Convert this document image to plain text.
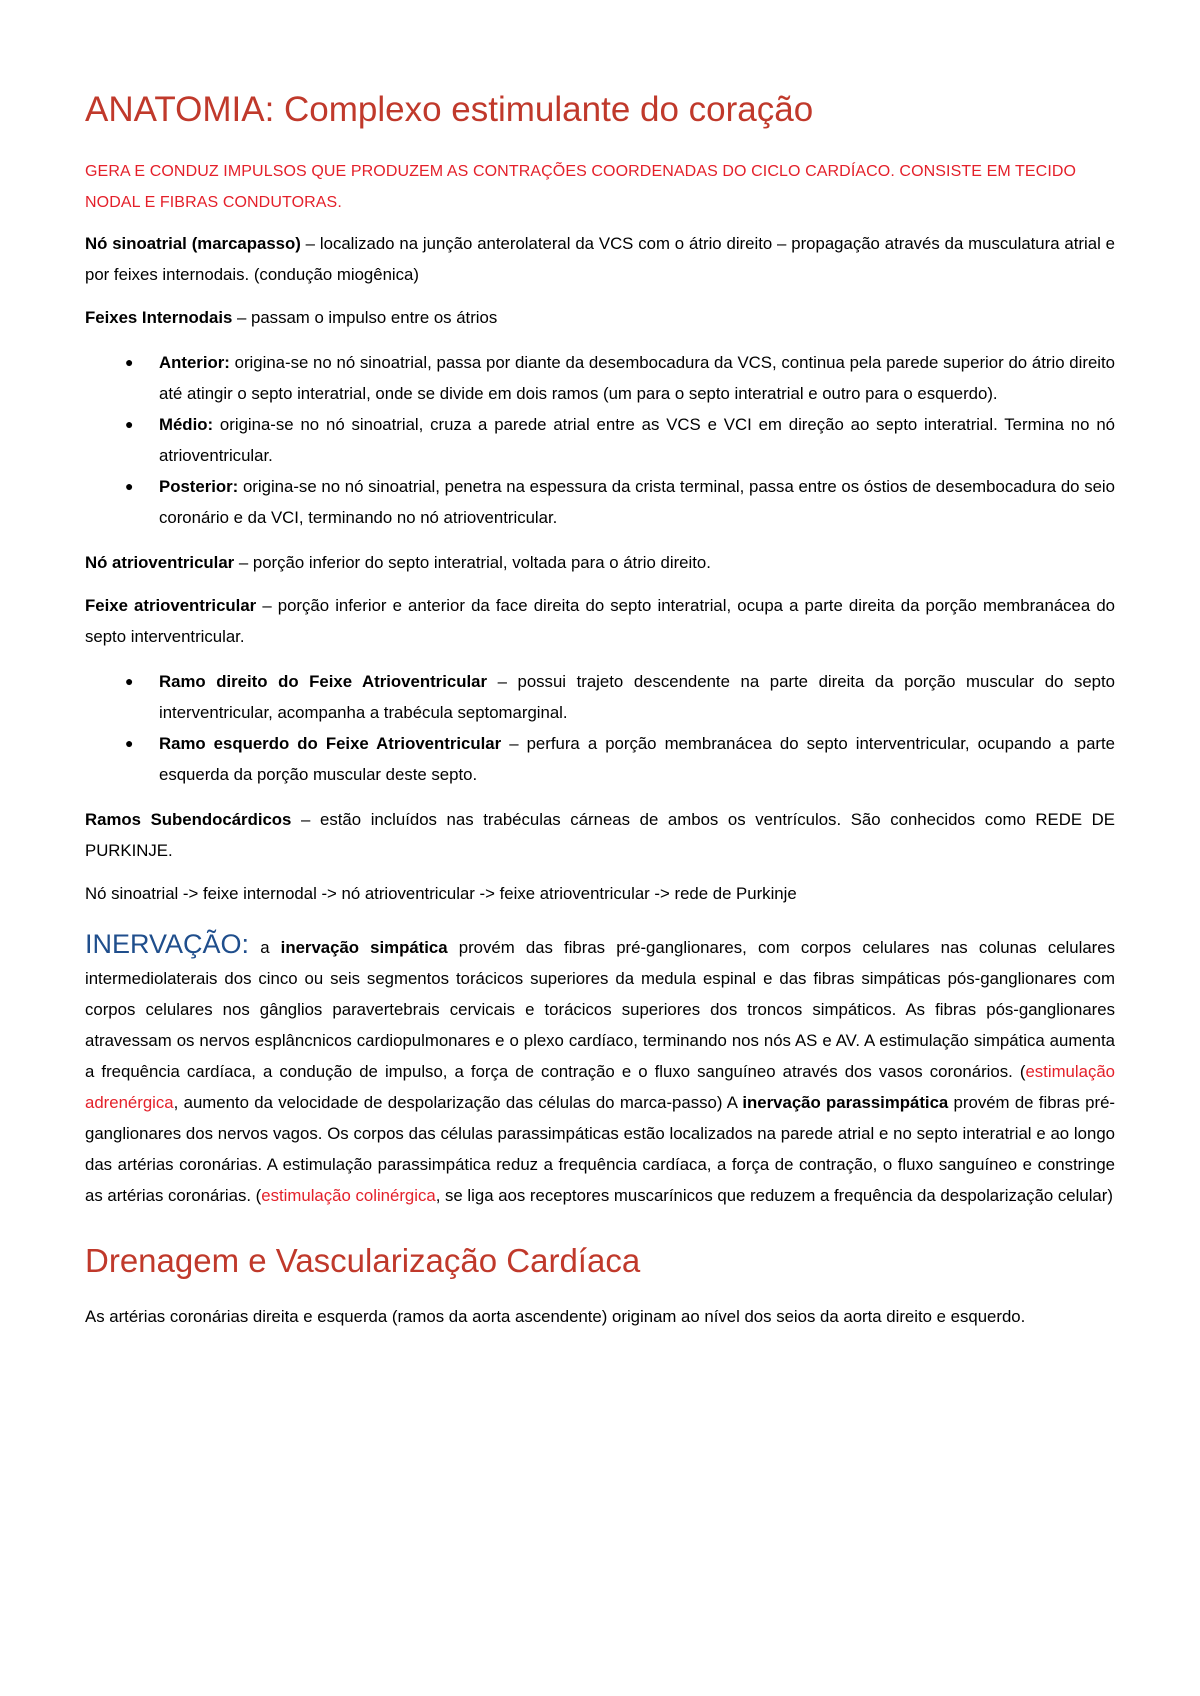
ANATOMIA: Complexo estimulante do coração
GERA E CONDUZ IMPULSOS QUE PRODUZEM AS CONTRAÇÕES COORDENADAS DO CICLO CARDÍACO. CONSISTE EM TECIDO NODAL E FIBRAS CONDUTORAS.

Nó sinoatrial (marcapasso) – localizado na junção anterolateral da VCS com o átrio direito – propagação através da musculatura atrial e por feixes internodais. (condução miogênica)

Feixes Internodais – passam o impulso entre os átrios

● Anterior: origina-se no nó sinoatrial, passa por diante da desembocadura da VCS, continua pela parede superior do átrio direito até atingir o septo interatrial, onde se divide em dois ramos (um para o septo interatrial e outro para o esquerdo).
● Médio: origina-se no nó sinoatrial, cruza a parede atrial entre as VCS e VCI em direção ao septo interatrial. Termina no nó atrioventricular.
● Posterior: origina-se no nó sinoatrial, penetra na espessura da crista terminal, passa entre os óstios de desembocadura do seio coronário e da VCI, terminando no nó atrioventricular.

Nó atrioventricular – porção inferior do septo interatrial, voltada para o átrio direito.

Feixe atrioventricular – porção inferior e anterior da face direita do septo interatrial, ocupa a parte direita da porção membranácea do septo interventricular.

● Ramo direito do Feixe Atrioventricular – possui trajeto descendente na parte direita da porção muscular do septo interventricular, acompanha a trabécula septomarginal.
● Ramo esquerdo do Feixe Atrioventricular – perfura a porção membranácea do septo interventricular, ocupando a parte esquerda da porção muscular deste septo.

Ramos Subendocárdicos – estão incluídos nas trabéculas cárneas de ambos os ventrículos. São conhecidos como REDE DE PURKINJE.

Nó sinoatrial -> feixe internodal -> nó atrioventricular -> feixe atrioventricular -> rede de Purkinje

INERVAÇÃO: a inervação simpática provém das fibras pré-ganglionares, com corpos celulares nas colunas celulares intermediolaterais dos cinco ou seis segmentos torácicos superiores da medula espinal e das fibras simpáticas pós-ganglionares com corpos celulares nos gânglios paravertebrais cervicais e torácicos superiores dos troncos simpáticos. As fibras pós-ganglionares atravessam os nervos esplâncnicos cardiopulmonares e o plexo cardíaco, terminando nos nós AS e AV. A estimulação simpática aumenta a frequência cardíaca, a condução de impulso, a força de contração e o fluxo sanguíneo através dos vasos coronários. (estimulação adrenérgica, aumento da velocidade de despolarização das células do marca-passo) A inervação parassimpática provém de fibras pré-ganglionares dos nervos vagos. Os corpos das células parassimpáticas estão localizados na parede atrial e no septo interatrial e ao longo das artérias coronárias. A estimulação parassimpática reduz a frequência cardíaca, a força de contração, o fluxo sanguíneo e constringe as artérias coronárias. (estimulação colinérgica, se liga aos receptores muscarínicos que reduzem a frequência da despolarização celular)

Drenagem e Vascularização Cardíaca

As artérias coronárias direita e esquerda (ramos da aorta ascendente) originam ao nível dos seios da aorta direito e esquerdo.
